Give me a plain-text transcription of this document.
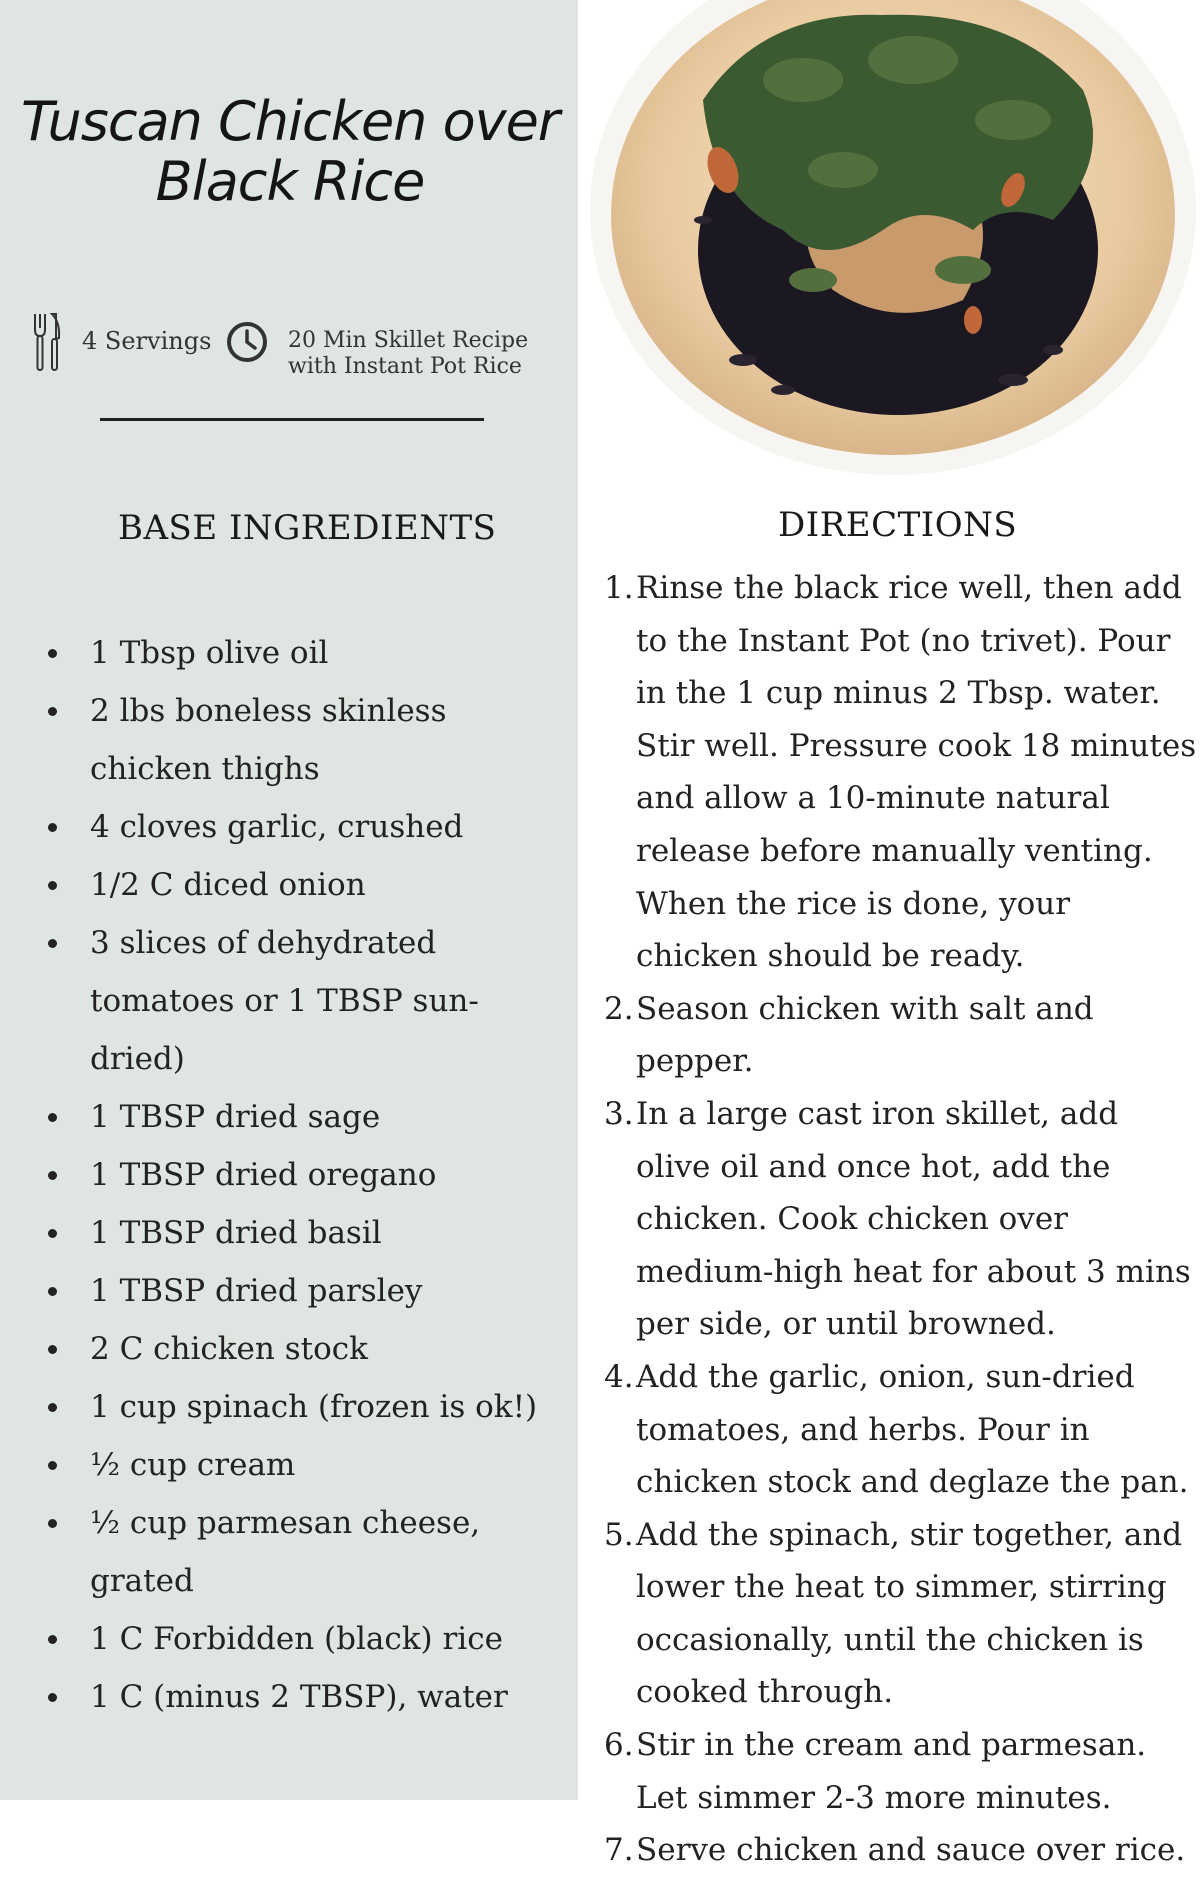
Tuscan Chicken over
Black Rice
4 Servings	20 Min Skillet Recipe
with Instant Pot Rice
BASE INGREDIENTS
1 Tbsp olive oil
2 lbs boneless skinless chicken thighs
4 cloves garlic, crushed
1/2 C diced onion
3 slices of dehydrated tomatoes or 1 TBSP sun-dried)
1 TBSP dried sage
1 TBSP dried oregano
1 TBSP dried basil
1 TBSP dried parsley
2 C chicken stock
1 cup spinach (frozen is ok!)
½ cup cream
½ cup parmesan cheese, grated
1 C Forbidden (black) rice
1 C (minus 2 TBSP), water
DIRECTIONS
1. Rinse the black rice well, then add to the Instant Pot (no trivet). Pour in the 1 cup minus 2 Tbsp. water. Stir well. Pressure cook 18 minutes and allow a 10-minute natural release before manually venting. When the rice is done, your chicken should be ready.
2. Season chicken with salt and pepper.
3. In a large cast iron skillet, add olive oil and once hot, add the chicken. Cook chicken over medium-high heat for about 3 mins per side, or until browned.
4. Add the garlic, onion, sun-dried tomatoes, and herbs. Pour in chicken stock and deglaze the pan.
5. Add the spinach, stir together, and lower the heat to simmer, stirring occasionally, until the chicken is cooked through.
6. Stir in the cream and parmesan. Let simmer 2-3 more minutes.
7. Serve chicken and sauce over rice.
